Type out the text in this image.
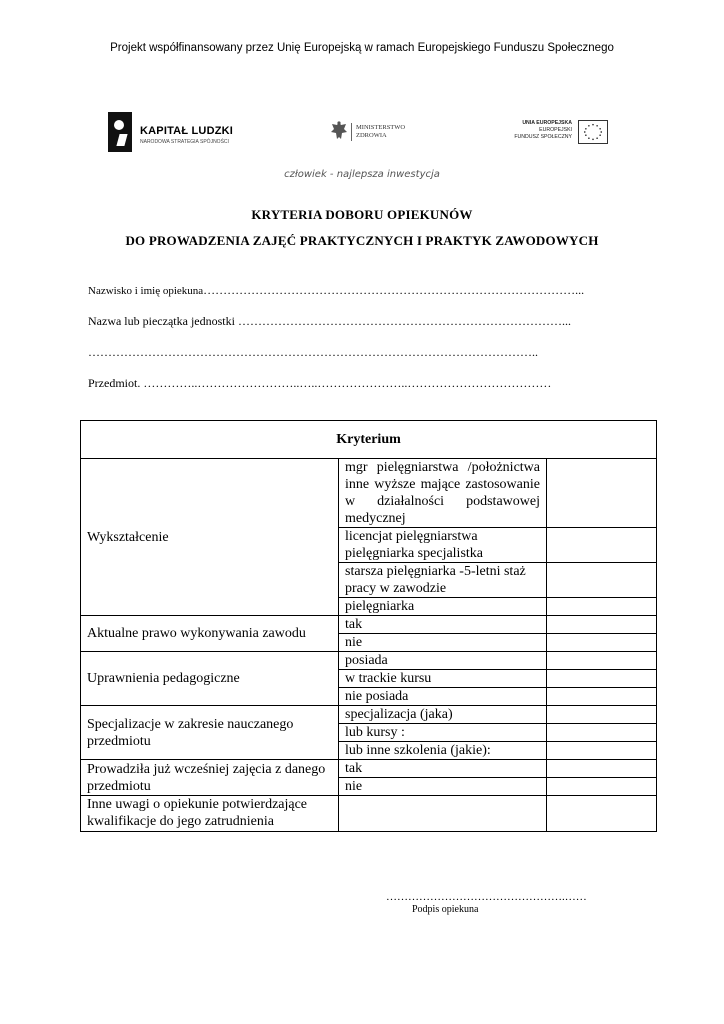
Projekt współfinansowany przez Unię Europejską w ramach Europejskiego Funduszu Społecznego
KAPITAŁ LUDZKI
NARODOWA STRATEGIA SPÓJNOŚCI
MINISTERSTWO
ZDROWIA
UNIA EUROPEJSKA
EUROPEJSKI
FUNDUSZ SPOŁECZNY
człowiek - najlepsza inwestycja
KRYTERIA DOBORU OPIEKUNÓW
DO PROWADZENIA ZAJĘĆ PRAKTYCZNYCH I PRAKTYK ZAWODOWYCH
Nazwisko i imię opiekuna…………………………………………………………………………………...
Nazwa lub pieczątka jednostki ………………………………………………………………………...
…………………………………………………………………………………………………..
Przedmiot. …………..……………………..…..…………………..………………………………
Kryterium		
Wykształcenie	mgr pielęgniarstwa /położnictwa inne wyższe mające zastosowanie w działalności podstawowej medycznej	
	licencjat pielęgniarstwa pielęgniarka specjalistka	
	starsza pielęgniarka -5-letni staż pracy w zawodzie	
	pielęgniarka	
Aktualne prawo wykonywania zawodu	tak	
	nie	
Uprawnienia pedagogiczne	posiada	
	w trackie kursu	
	nie posiada	
Specjalizacje w zakresie nauczanego przedmiotu	specjalizacja (jaka)	
	lub kursy :	
	lub inne szkolenia (jakie):	
Prowadziła już wcześniej zajęcia z danego przedmiotu	tak	
	nie	
Inne uwagi o opiekunie potwierdzające kwalifikacje do jego zatrudnienia		
………………………………………….……
Podpis opiekuna
